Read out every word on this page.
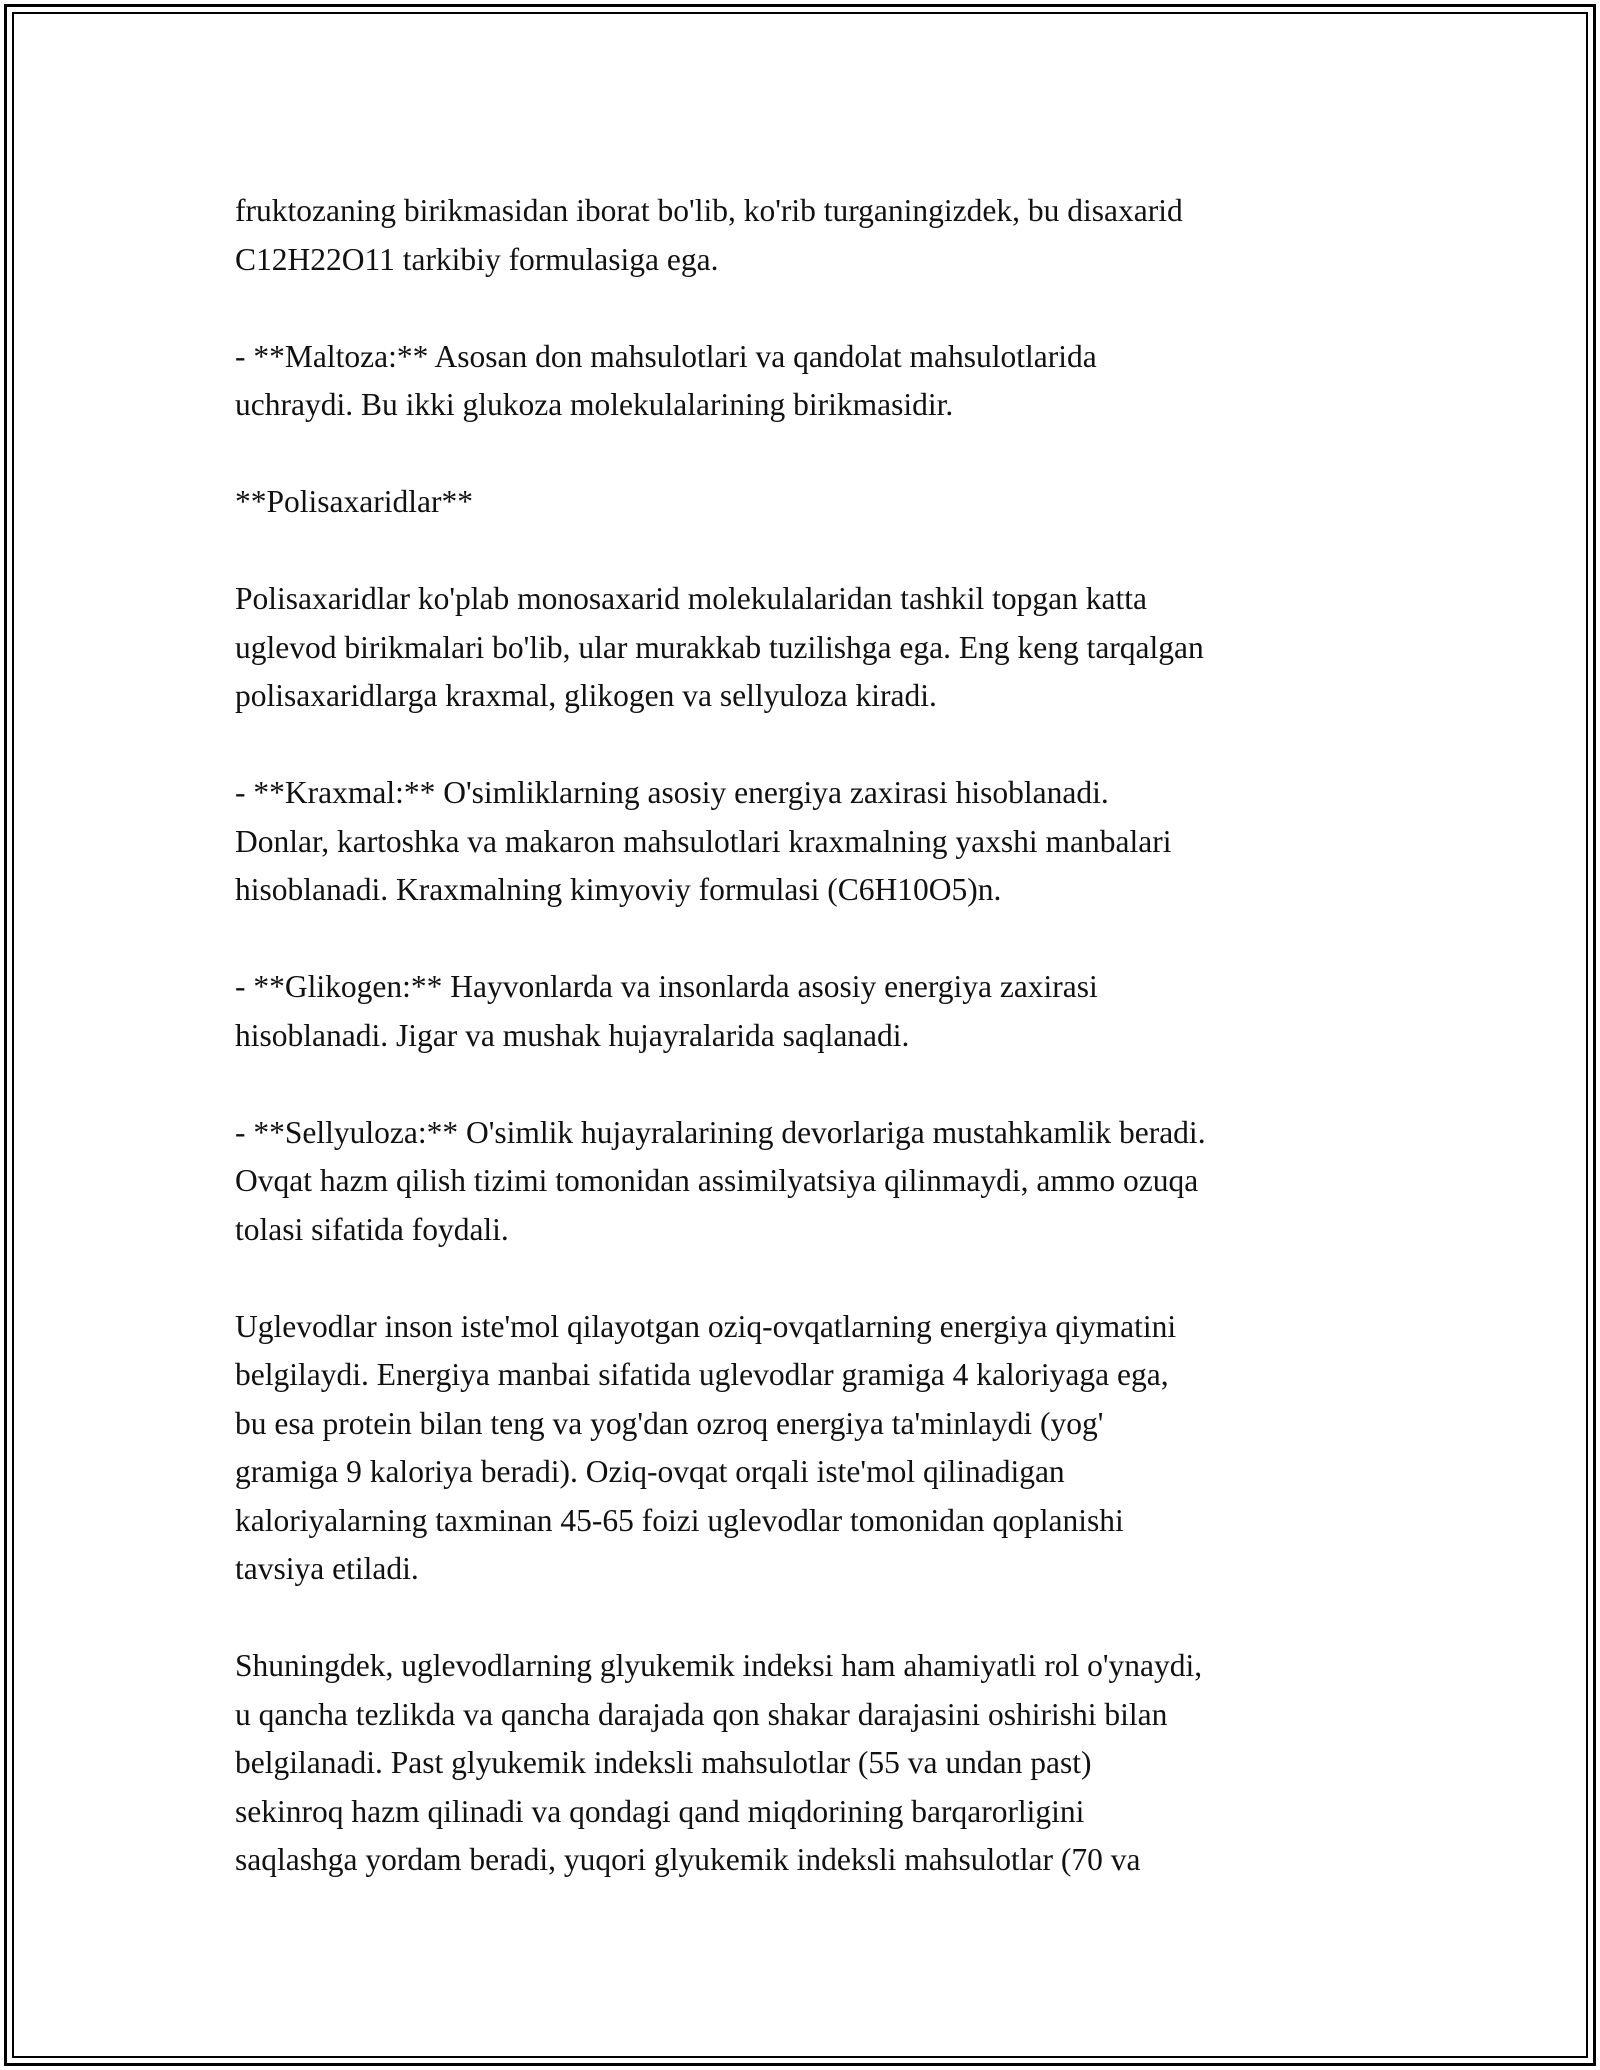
fruktozaning birikmasidan iborat bo'lib, ko'rib turganingizdek, bu disaxarid
C12H22O11 tarkibiy formulasiga ega.

- **Maltoza:** Asosan don mahsulotlari va qandolat mahsulotlarida
uchraydi. Bu ikki glukoza molekulalarining birikmasidir.

**Polisaxaridlar**

Polisaxaridlar ko'plab monosaxarid molekulalaridan tashkil topgan katta
uglevod birikmalari bo'lib, ular murakkab tuzilishga ega. Eng keng tarqalgan
polisaxaridlarga kraxmal, glikogen va sellyuloza kiradi.

- **Kraxmal:** O'simliklarning asosiy energiya zaxirasi hisoblanadi.
Donlar, kartoshka va makaron mahsulotlari kraxmalning yaxshi manbalari
hisoblanadi. Kraxmalning kimyoviy formulasi (C6H10O5)n.

- **Glikogen:** Hayvonlarda va insonlarda asosiy energiya zaxirasi
hisoblanadi. Jigar va mushak hujayralarida saqlanadi.

- **Sellyuloza:** O'simlik hujayralarining devorlariga mustahkamlik beradi.
Ovqat hazm qilish tizimi tomonidan assimilyatsiya qilinmaydi, ammo ozuqa
tolasi sifatida foydali.

Uglevodlar inson iste'mol qilayotgan oziq-ovqatlarning energiya qiymatini
belgilaydi. Energiya manbai sifatida uglevodlar gramiga 4 kaloriyaga ega,
bu esa protein bilan teng va yog'dan ozroq energiya ta'minlaydi (yog'
gramiga 9 kaloriya beradi). Oziq-ovqat orqali iste'mol qilinadigan
kaloriyalarning taxminan 45-65 foizi uglevodlar tomonidan qoplanishi
tavsiya etiladi.

Shuningdek, uglevodlarning glyukemik indeksi ham ahamiyatli rol o'ynaydi,
u qancha tezlikda va qancha darajada qon shakar darajasini oshirishi bilan
belgilanadi. Past glyukemik indeksli mahsulotlar (55 va undan past)
sekinroq hazm qilinadi va qondagi qand miqdorining barqarorligini
saqlashga yordam beradi, yuqori glyukemik indeksli mahsulotlar (70 va
